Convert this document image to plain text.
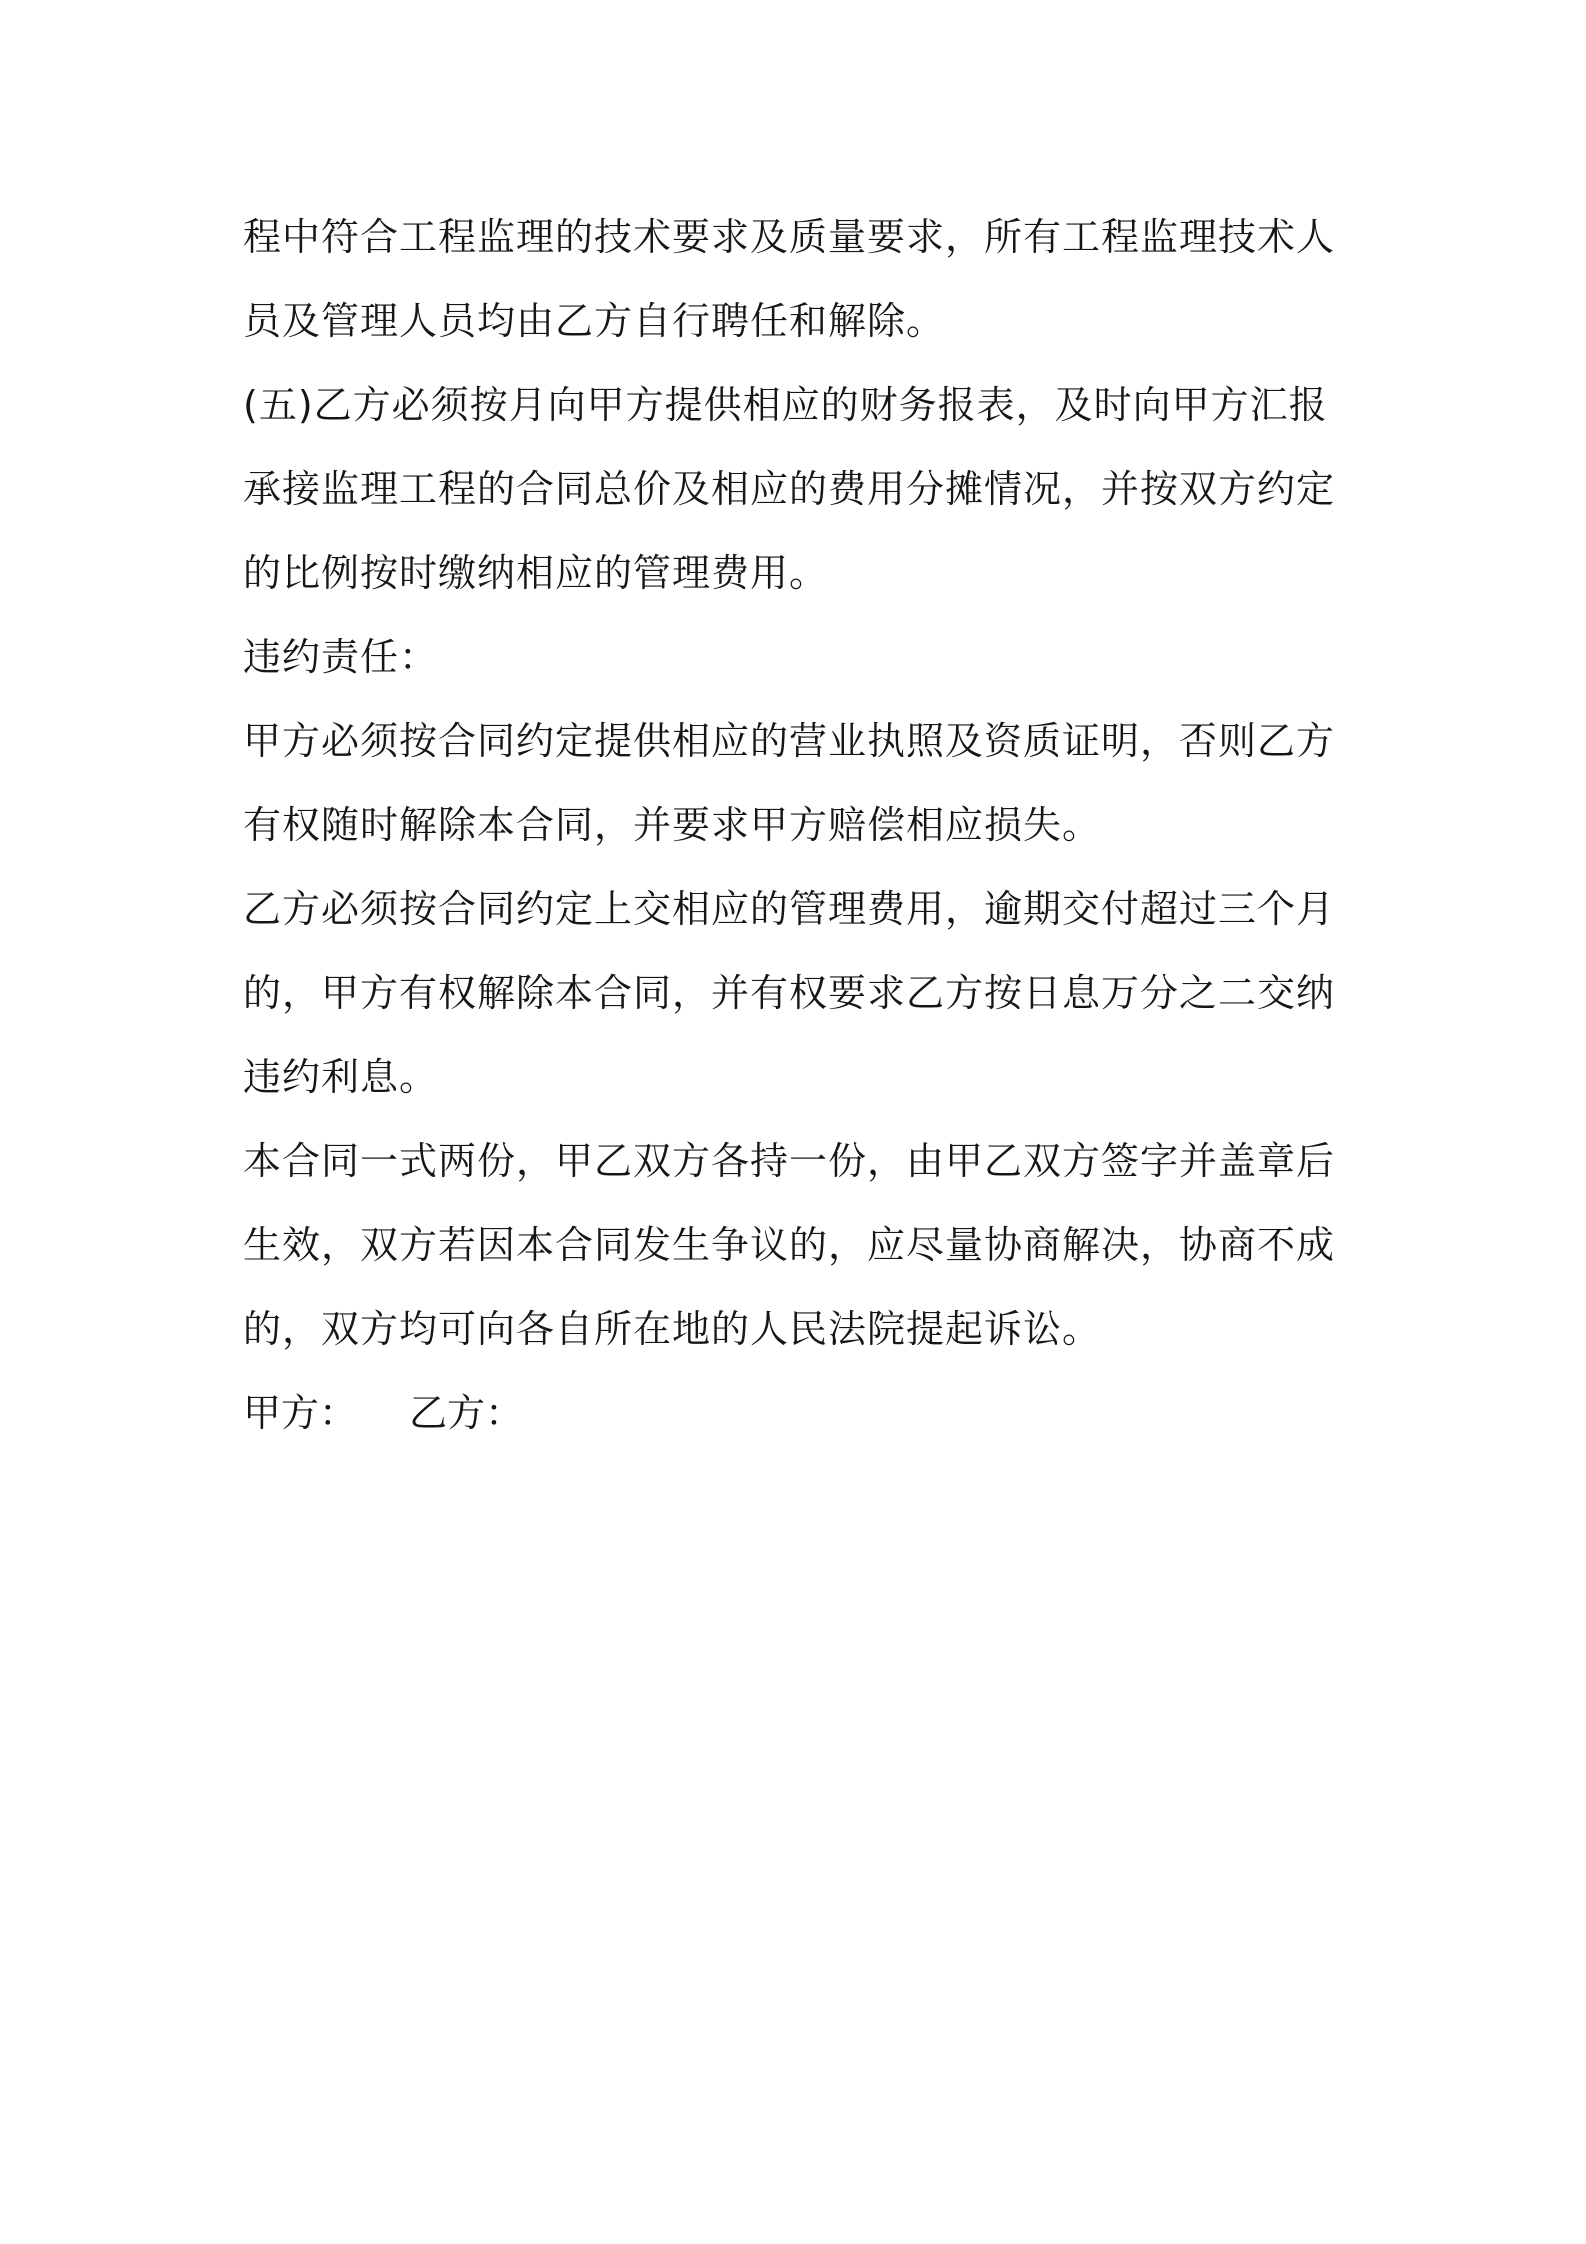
程中符合工程监理的技术要求及质量要求，所有工程监理技术人
员及管理人员均由乙方自行聘任和解除。
(五)乙方必须按月向甲方提供相应的财务报表，及时向甲方汇报
承接监理工程的合同总价及相应的费用分摊情况，并按双方约定
的比例按时缴纳相应的管理费用。
违约责任：
甲方必须按合同约定提供相应的营业执照及资质证明，否则乙方
有权随时解除本合同，并要求甲方赔偿相应损失。
乙方必须按合同约定上交相应的管理费用，逾期交付超过三个月
的，甲方有权解除本合同，并有权要求乙方按日息万分之二交纳
违约利息。
本合同一式两份，甲乙双方各持一份，由甲乙双方签字并盖章后
生效，双方若因本合同发生争议的，应尽量协商解决，协商不成
的，双方均可向各自所在地的人民法院提起诉讼。
甲方： 乙方：
